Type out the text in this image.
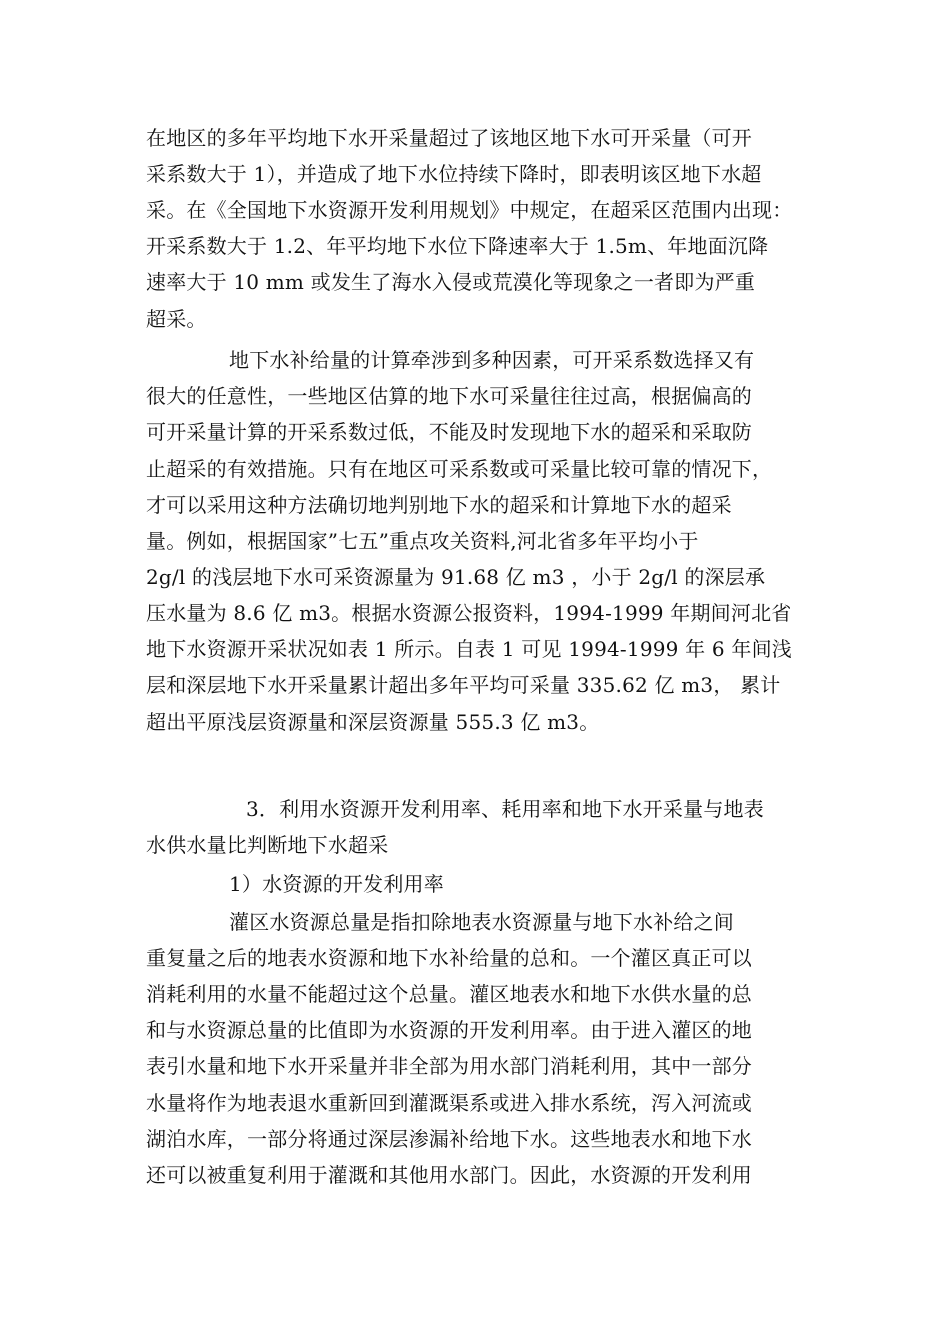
在地区的多年平均地下水开采量超过了该地区地下水可开采量（可开
采系数大于 1），并造成了地下水位持续下降时，即表明该区地下水超
采。在《全国地下水资源开发利用规划》中规定，在超采区范围内出现：
开采系数大于 1.2、年平均地下水位下降速率大于 1.5m、年地面沉降
速率大于 10 mm 或发生了海水入侵或荒漠化等现象之一者即为严重
超采。
地下水补给量的计算牵涉到多种因素，可开采系数选择又有
很大的任意性，一些地区估算的地下水可采量往往过高，根据偏高的
可开采量计算的开采系数过低，不能及时发现地下水的超采和采取防
止超采的有效措施。只有在地区可采系数或可采量比较可靠的情况下，
才可以采用这种方法确切地判别地下水的超采和计算地下水的超采
量。例如，根据国家”七五”重点攻关资料,河北省多年平均小于
2g/l 的浅层地下水可采资源量为 91.68 亿 m3 ，小于 2g/l 的深层承
压水量为 8.6 亿 m3。根据水资源公报资料，1994-1999 年期间河北省
地下水资源开采状况如表 1 所示。自表 1 可见 1994-1999 年 6 年间浅
层和深层地下水开采量累计超出多年平均可采量 335.62 亿 m3， 累计
超出平原浅层资源量和深层资源量 555.3 亿 m3。
3．利用水资源开发利用率、耗用率和地下水开采量与地表
水供水量比判断地下水超采
1）水资源的开发利用率
灌区水资源总量是指扣除地表水资源量与地下水补给之间
重复量之后的地表水资源和地下水补给量的总和。一个灌区真正可以
消耗利用的水量不能超过这个总量。灌区地表水和地下水供水量的总
和与水资源总量的比值即为水资源的开发利用率。由于进入灌区的地
表引水量和地下水开采量并非全部为用水部门消耗利用，其中一部分
水量将作为地表退水重新回到灌溉渠系或进入排水系统，泻入河流或
湖泊水库，一部分将通过深层渗漏补给地下水。这些地表水和地下水
还可以被重复利用于灌溉和其他用水部门。因此，水资源的开发利用
